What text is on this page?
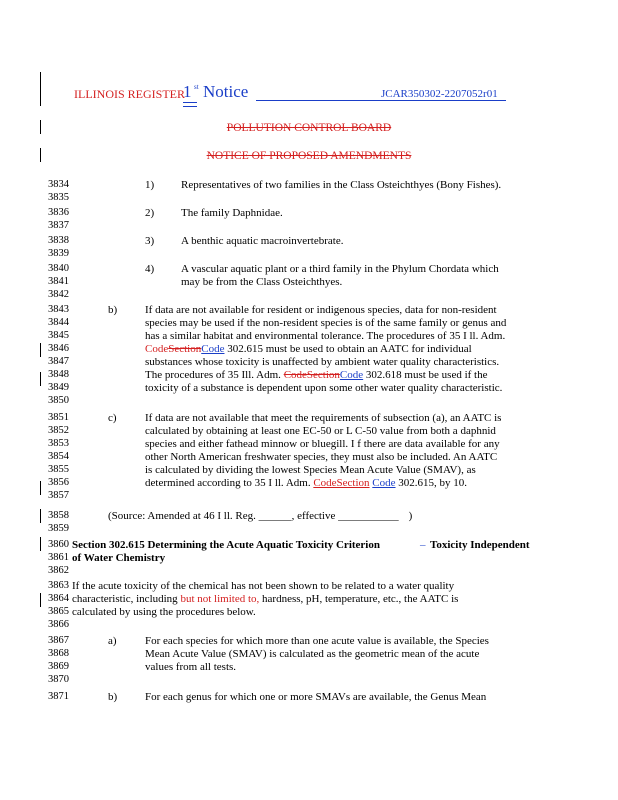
ILLINOIS REGISTER
1 st Notice	JCAR350302-2207052r01
POLLUTION CONTROL BOARD
NOTICE OF PROPOSED AMENDMENTS
3834
3835
1) Representatives of two families in the Class Osteichthyes (Bony Fishes).
3836
3837
2) The family Daphnidae.
3838
3839
3) A benthic aquatic macroinvertebrate.
3840
3841
3842
4) A vascular aquatic plant or a third family in the Phylum Chordata which
may be from the Class Osteichthyes.
3843
3844
3845
3846
3847
3848
3849
3850
b)	If data are not available for resident or indigenous species, data for non-resident
species may be used if the non-resident species is of the same family or genus and
has a similar habitat and environmental tolerance. The procedures of 35 I ll. Adm.
CodeSectionCode 302.615 must be used to obtain an AATC for individual
substances whose toxicity is unaffected by ambient water quality characteristics.
The procedures of 35 Ill. Adm. CodeSectionCode 302.618 must be used if the
toxicity of a substance is dependent upon some other water quality characteristic.
3851
3852
3853
3854
3855
3856
3857
c)	If data are not available that meet the requirements of subsection (a), an AATC is
calculated by obtaining at least one EC-50 or L C-50 value from both a daphnid
species and either fathead minnow or bluegill. I f there are data available for any
other North American freshwater species, they must also be included. An AATC
is calculated by dividing the lowest Species Mean Acute Value (SMAV), as
determined according to 35 I ll. Adm. CodeSection Code 302.615, by 10.
3858
3859
(Source: Amended at 46 I ll. Reg. ______, effective ___________ )
3860
3861
3862
Section 302.615 Determining the Acute Aquatic Toxicity Criterion	– Toxicity Independent
of Water Chemistry
3863
3864
3865
3866
If the acute toxicity of the chemical has not been shown to be related to a water quality
characteristic, including but not limited to, hardness, pH, temperature, etc., the AATC is
calculated by using the procedures below.
3867
3868
3869
3870
a)	For each species for which more than one acute value is available, the Species
Mean Acute Value (SMAV) is calculated as the geometric mean of the acute
values from all tests.
3871	b)	For each genus for which one or more SMAVs are available, the Genus Mean
